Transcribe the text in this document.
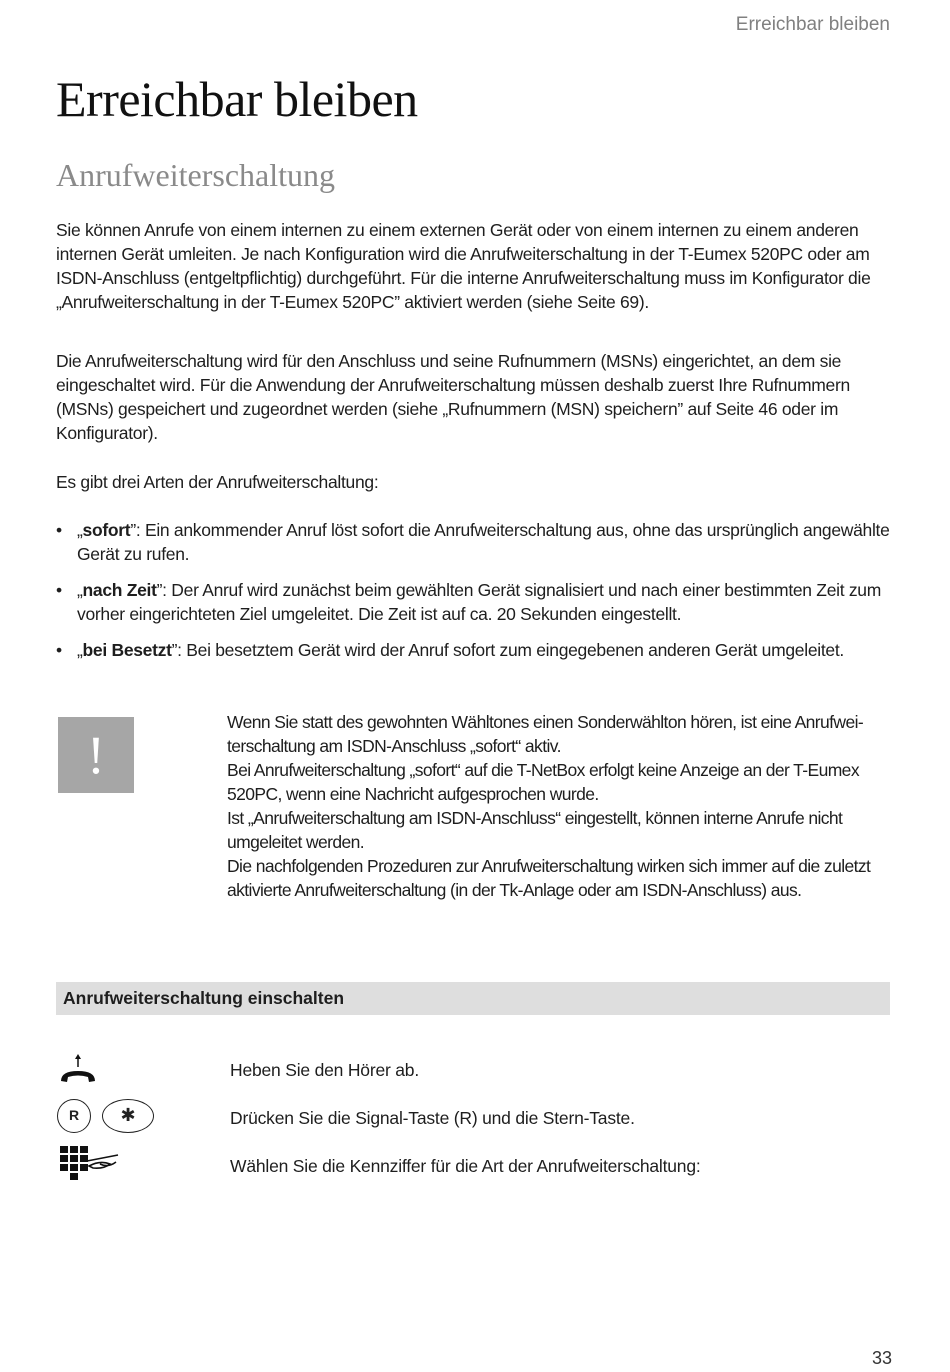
Erreichbar bleiben
Erreichbar bleiben
Anrufweiterschaltung

Sie können Anrufe von einem internen zu einem externen Gerät oder von einem internen zu einem anderen internen Gerät umleiten. Je nach Konfiguration wird die Anrufweiterschaltung in der T-Eumex 520PC oder am ISDN-Anschluss (entgeltpflichtig) durchgeführt. Für die interne Anrufweiterschaltung muss im Konfigurator die „Anrufweiterschaltung in der T-Eumex 520PC” aktiviert werden (siehe Seite 69).

Die Anrufweiterschaltung wird für den Anschluss und seine Rufnummern (MSNs) eingerichtet, an dem sie eingeschaltet wird. Für die Anwendung der Anrufweiterschaltung müssen deshalb zuerst Ihre Rufnummern (MSNs) gespeichert und zugeordnet werden (siehe „Rufnummern (MSN) speichern” auf Seite 46 oder im Konfigurator).

Es gibt drei Arten der Anrufweiterschaltung:

• „sofort”: Ein ankommender Anruf löst sofort die Anrufweiterschaltung aus, ohne das ursprünglich angewählte Gerät zu rufen.
• „nach Zeit”: Der Anruf wird zunächst beim gewählten Gerät signalisiert und nach einer bestimmten Zeit zum vorher eingerichteten Ziel umgeleitet. Die Zeit ist auf ca. 20 Sekunden eingestellt.
• „bei Besetzt”: Bei besetztem Gerät wird der Anruf sofort zum eingegebenen anderen Gerät umgeleitet.
!

Wenn Sie statt des gewohnten Wähltones einen Sonderwählton hören, ist eine Anrufweiterschaltung am ISDN-Anschluss „sofort“ aktiv.

Bei Anrufweiterschaltung „sofort“ auf die T-NetBox erfolgt keine Anzeige an der T-Eumex 520PC, wenn eine Nachricht aufgesprochen wurde.

Ist „Anrufweiterschaltung am ISDN-Anschluss“ eingestellt, können interne Anrufe nicht umgeleitet werden.

Die nachfolgenden Prozeduren zur Anrufweiterschaltung wirken sich immer auf die zuletzt aktivierte Anrufweiterschaltung (in der Tk-Anlage oder am ISDN-Anschluss) aus.

Anrufweiterschaltung einschalten

Heben Sie den Hörer ab.

R	✱	Drücken Sie die Signal-Taste (R) und die Stern-Taste.

Wählen Sie die Kennziffer für die Art der Anrufweiterschaltung:

33
